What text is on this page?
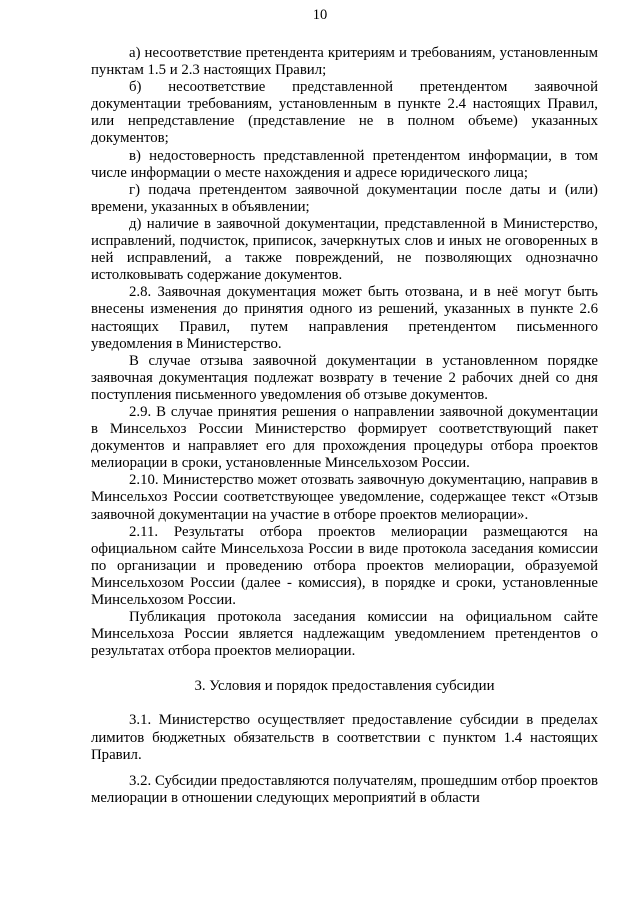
10

а) несоответствие претендента критериям и требованиям, установленным пунктам 1.5 и 2.3 настоящих Правил;

б) несоответствие представленной претендентом заявочной документации требованиям, установленным в пункте 2.4 настоящих Правил, или непредставление (представление не в полном объеме) указанных документов;

в) недостоверность представленной претендентом информации, в том числе информации о месте нахождения и адресе юридического лица;

г) подача претендентом заявочной документации после даты и (или) времени, указанных в объявлении;

д) наличие в заявочной документации, представленной в Министерство, исправлений, подчисток, приписок, зачеркнутых слов и иных не оговоренных в ней исправлений, а также повреждений, не позволяющих однозначно истолковывать содержание документов.

2.8. Заявочная документация может быть отозвана, и в неё могут быть внесены изменения до принятия одного из решений, указанных в пункте 2.6 настоящих Правил, путем направления претендентом письменного уведомления в Министерство.

В случае отзыва заявочной документации в установленном порядке заявочная документация подлежат возврату в течение 2 рабочих дней со дня поступления письменного уведомления об отзыве документов.

2.9. В случае принятия решения о направлении заявочной документации в Минсельхоз России Министерство формирует соответствующий пакет документов и направляет его для прохождения процедуры отбора проектов мелиорации в сроки, установленные Минсельхозом России.

2.10. Министерство может отозвать заявочную документацию, направив в Минсельхоз России соответствующее уведомление, содержащее текст «Отзыв заявочной документации на участие в отборе проектов мелиорации».

2.11. Результаты отбора проектов мелиорации размещаются на официальном сайте Минсельхоза России в виде протокола заседания комиссии по организации и проведению отбора проектов мелиорации, образуемой Минсельхозом России (далее - комиссия), в порядке и сроки, установленные Минсельхозом России.

Публикация протокола заседания комиссии на официальном сайте Минсельхоза России является надлежащим уведомлением претендентов о результатах отбора проектов мелиорации.

3. Условия и порядок предоставления субсидии

3.1. Министерство осуществляет предоставление субсидии в пределах лимитов бюджетных обязательств в соответствии с пунктом 1.4 настоящих Правил.

3.2. Субсидии предоставляются получателям, прошедшим отбор проектов мелиорации в отношении следующих мероприятий в области
